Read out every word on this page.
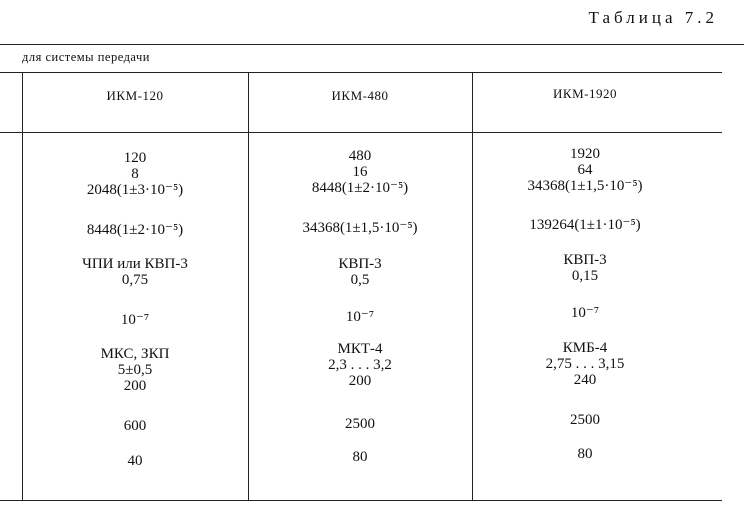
Таблица 7.2
для системы передачи
ИКМ-120	ИКМ-480	ИКМ-1920
120
8
2048(1±3·10⁻⁵)
8448(1±2·10⁻⁵)
ЧПИ или КВП-3
0,75
10⁻⁷
МКС, ЗКП
5±0,5
200
600
40
480
16
8448(1±2·10⁻⁵)
34368(1±1,5·10⁻⁵)
КВП-3
0,5
10⁻⁷
МКТ-4
2,3 . . . 3,2
200
2500
80
1920
64
34368(1±1,5·10⁻⁵)
139264(1±1·10⁻⁵)
КВП-3
0,15
10⁻⁷
КМБ-4
2,75 . . . 3,15
240
2500
80
